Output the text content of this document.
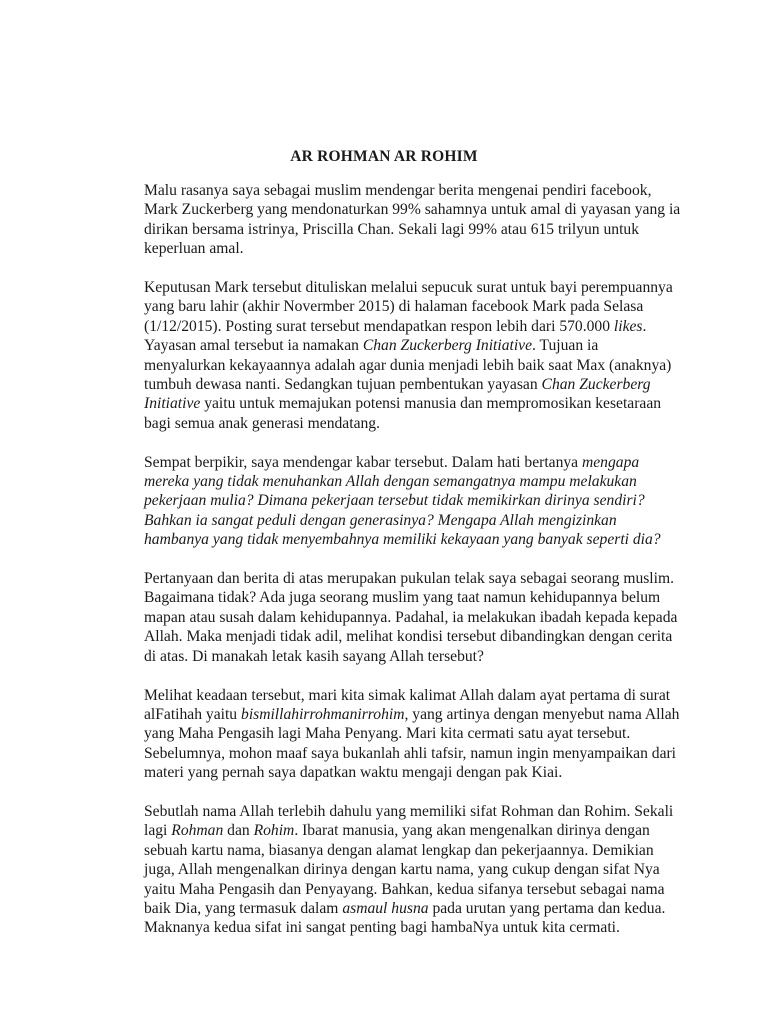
AR ROHMAN AR ROHIM
Malu rasanya saya sebagai muslim mendengar berita mengenai pendiri facebook,
Mark Zuckerberg yang mendonaturkan 99% sahamnya untuk amal di yayasan yang ia
dirikan bersama istrinya, Priscilla Chan. Sekali lagi 99% atau 615 trilyun untuk
keperluan amal.
Keputusan Mark tersebut dituliskan melalui sepucuk surat untuk bayi perempuannya
yang baru lahir (akhir Novermber 2015) di halaman facebook Mark pada Selasa
(1/12/2015). Posting surat tersebut mendapatkan respon lebih dari 570.000 likes.
Yayasan amal tersebut ia namakan Chan Zuckerberg Initiative. Tujuan ia
menyalurkan kekayaannya adalah agar dunia menjadi lebih baik saat Max (anaknya)
tumbuh dewasa nanti. Sedangkan tujuan pembentukan yayasan Chan Zuckerberg
Initiative yaitu untuk memajukan potensi manusia dan mempromosikan kesetaraan
bagi semua anak generasi mendatang.
Sempat berpikir, saya mendengar kabar tersebut. Dalam hati bertanya mengapa
mereka yang tidak menuhankan Allah dengan semangatnya mampu melakukan
pekerjaan mulia? Dimana pekerjaan tersebut tidak memikirkan dirinya sendiri?
Bahkan ia sangat peduli dengan generasinya? Mengapa Allah mengizinkan
hambanya yang tidak menyembahnya memiliki kekayaan yang banyak seperti dia?
Pertanyaan dan berita di atas merupakan pukulan telak saya sebagai seorang muslim.
Bagaimana tidak? Ada juga seorang muslim yang taat namun kehidupannya belum
mapan atau susah dalam kehidupannya. Padahal, ia melakukan ibadah kepada kepada
Allah. Maka menjadi tidak adil, melihat kondisi tersebut dibandingkan dengan cerita
di atas. Di manakah letak kasih sayang Allah tersebut?
Melihat keadaan tersebut, mari kita simak kalimat Allah dalam ayat pertama di surat
alFatihah yaitu bismillahirrohmanirrohim, yang artinya dengan menyebut nama Allah
yang Maha Pengasih lagi Maha Penyang. Mari kita cermati satu ayat tersebut.
Sebelumnya, mohon maaf saya bukanlah ahli tafsir, namun ingin menyampaikan dari
materi yang pernah saya dapatkan waktu mengaji dengan pak Kiai.
Sebutlah nama Allah terlebih dahulu yang memiliki sifat Rohman dan Rohim. Sekali
lagi Rohman dan Rohim. Ibarat manusia, yang akan mengenalkan dirinya dengan
sebuah kartu nama, biasanya dengan alamat lengkap dan pekerjaannya. Demikian
juga, Allah mengenalkan dirinya dengan kartu nama, yang cukup dengan sifat Nya
yaitu Maha Pengasih dan Penyayang. Bahkan, kedua sifanya tersebut sebagai nama
baik Dia, yang termasuk dalam asmaul husna pada urutan yang pertama dan kedua.
Maknanya kedua sifat ini sangat penting bagi hambaNya untuk kita cermati.
